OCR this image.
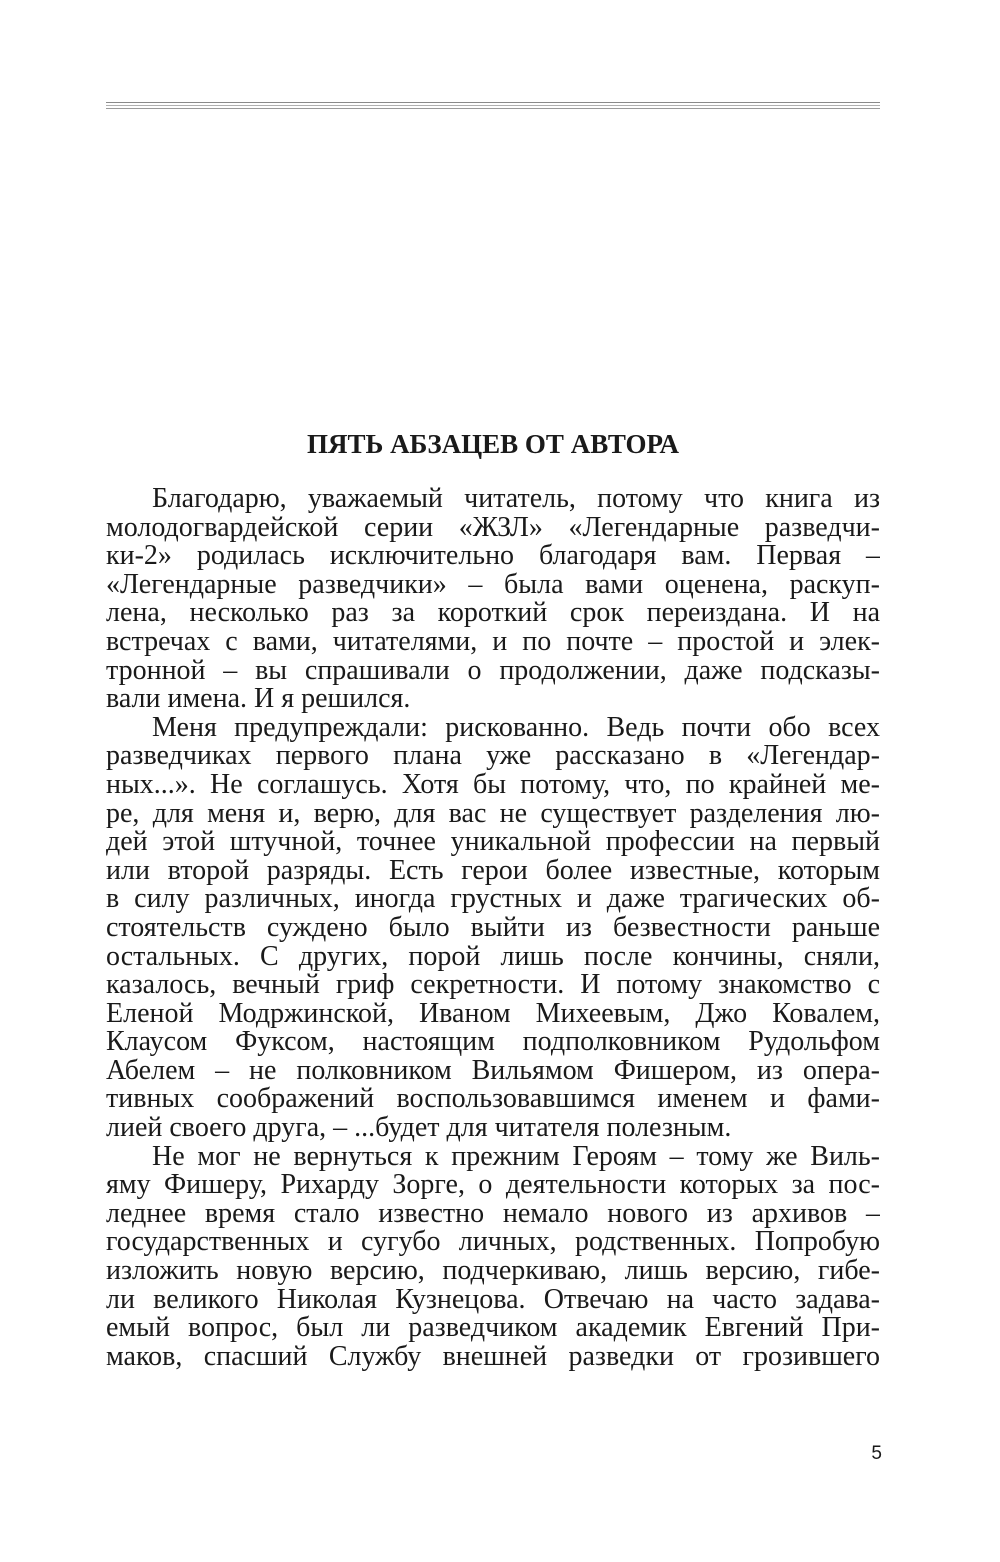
ПЯТЬ АБЗАЦЕВ ОТ АВТОРА
Благодарю, уважаемый читатель, потому что книга из
молодогвардейской серии «ЖЗЛ» «Легендарные разведчи-
ки-2» родилась исключительно благодаря вам. Первая –
«Легендарные разведчики» – была вами оценена, раскуп-
лена, несколько раз за короткий срок переиздана. И на
встречах с вами, читателями, и по почте – простой и элек-
тронной – вы спрашивали о продолжении, даже подсказы-
вали имена. И я решился.
Меня предупреждали: рискованно. Ведь почти обо всех
разведчиках первого плана уже рассказано в «Легендар-
ных...». Не соглашусь. Хотя бы потому, что, по крайней ме-
ре, для меня и, верю, для вас не существует разделения лю-
дей этой штучной, точнее уникальной профессии на первый
или второй разряды. Есть герои более известные, которым
в силу различных, иногда грустных и даже трагических об-
стоятельств суждено было выйти из безвестности раньше
остальных. С других, порой лишь после кончины, сняли,
казалось, вечный гриф секретности. И потому знакомство с
Еленой Модржинской, Иваном Михеевым, Джо Ковалем,
Клаусом Фуксом, настоящим подполковником Рудольфом
Абелем – не полковником Вильямом Фишером, из опера-
тивных соображений воспользовавшимся именем и фами-
лией своего друга, – ...будет для читателя полезным.
Не мог не вернуться к прежним Героям – тому же Виль-
яму Фишеру, Рихарду Зорге, о деятельности которых за пос-
леднее время стало известно немало нового из архивов –
государственных и сугубо личных, родственных. Попробую
изложить новую версию, подчеркиваю, лишь версию, гибе-
ли великого Николая Кузнецова. Отвечаю на часто задава-
емый вопрос, был ли разведчиком академик Евгений При-
маков, спасший Службу внешней разведки от грозившего
5
